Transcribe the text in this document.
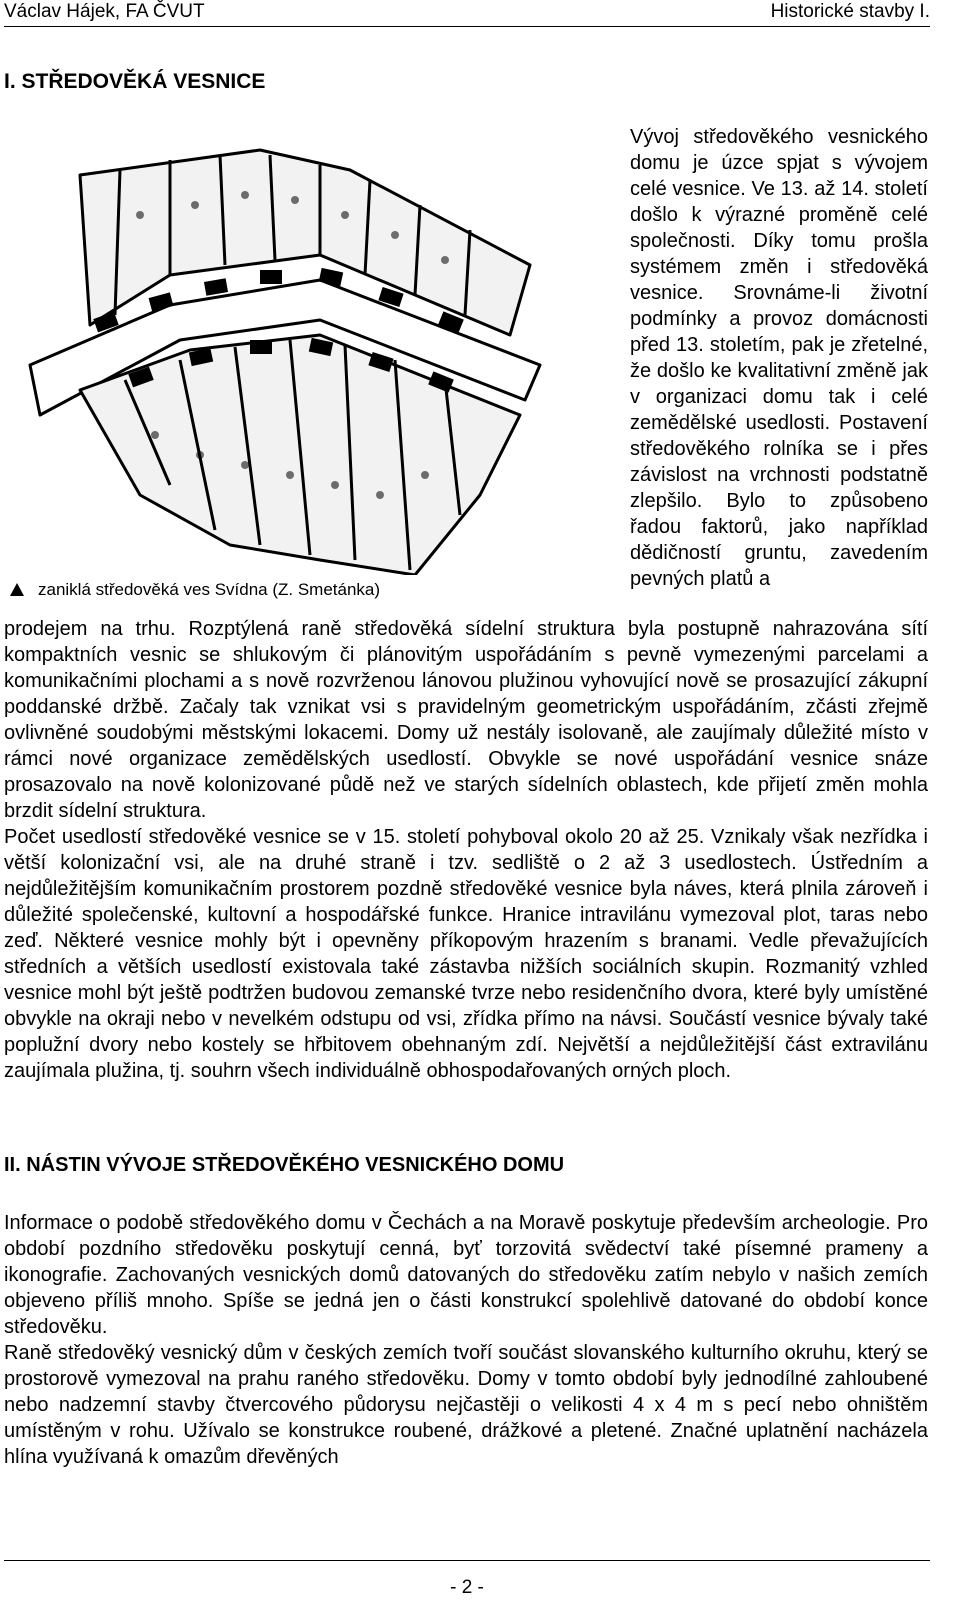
Václav Hájek, FA ČVUT	Historické stavby I.
I. STŘEDOVĚKÁ VESNICE
zaniklá středověká ves Svídna (Z. Smetánka)

Vývoj středověkého vesnického domu je úzce spjat s vývojem celé vesnice. Ve 13. až 14. století došlo k výrazné proměně celé společnosti. Díky tomu prošla systémem změn i středověká vesnice. Srovnáme-li životní podmínky a provoz domácnosti před 13. stoletím, pak je zřetelné, že došlo ke kvalitativní změně jak v organizaci domu tak i celé zemědělské usedlosti. Postavení středověkého rolníka se i přes závislost na vrchnosti podstatně zlepšilo. Bylo to způsobeno řadou faktorů, jako například dědičností gruntu, zavedením pevných platů a

prodejem na trhu. Rozptýlená raně středověká sídelní struktura byla postupně nahrazována sítí kompaktních vesnic se shlukovým či plánovitým uspořádáním s pevně vymezenými parcelami a komunikačními plochami a s nově rozvrženou lánovou plužinou vyhovující nově se prosazující zákupní poddanské držbě. Začaly tak vznikat vsi s pravidelným geometrickým uspořádáním, zčásti zřejmě ovlivněné soudobými městskými lokacemi. Domy už nestály isolovaně, ale zaujímaly důležité místo v rámci nové organizace zemědělských usedlostí. Obvykle se nové uspořádání vesnice snáze prosazovalo na nově kolonizované půdě než ve starých sídelních oblastech, kde přijetí změn mohla brzdit sídelní struktura.

Počet usedlostí středověké vesnice se v 15. století pohyboval okolo 20 až 25. Vznikaly však nezřídka i větší kolonizační vsi, ale na druhé straně i tzv. sedliště o 2 až 3 usedlostech. Ústředním a nejdůležitějším komunikačním prostorem pozdně středověké vesnice byla náves, která plnila zároveň i důležité společenské, kultovní a hospodářské funkce. Hranice intravilánu vymezoval plot, taras nebo zeď. Některé vesnice mohly být i opevněny příkopovým hrazením s branami. Vedle převažujících středních a větších usedlostí existovala také zástavba nižších sociálních skupin. Rozmanitý vzhled vesnice mohl být ještě podtržen budovou zemanské tvrze nebo residenčního dvora, které byly umístěné obvykle na okraji nebo v nevelkém odstupu od vsi, zřídka přímo na návsi. Součástí vesnice bývaly také poplužní dvory nebo kostely se hřbitovem obehnaným zdí. Největší a nejdůležitější část extravilánu zaujímala plužina, tj. souhrn všech individuálně obhospodařovaných orných ploch.

II. NÁSTIN VÝVOJE STŘEDOVĚKÉHO VESNICKÉHO DOMU

Informace o podobě středověkého domu v Čechách a na Moravě poskytuje především archeologie. Pro období pozdního středověku poskytují cenná, byť torzovitá svědectví také písemné prameny a ikonografie. Zachovaných vesnických domů datovaných do středověku zatím nebylo v našich zemích objeveno příliš mnoho. Spíše se jedná jen o části konstrukcí spolehlivě datované do období konce středověku.

Raně středověký vesnický dům v českých zemích tvoří součást slovanského kulturního okruhu, který se prostorově vymezoval na prahu raného středověku. Domy v tomto období byly jednodílné zahloubené nebo nadzemní stavby čtvercového půdorysu nejčastěji o velikosti 4 x 4 m s pecí nebo ohništěm umístěným v rohu. Užívalo se konstrukce roubené, drážkové a pletené. Značné uplatnění nacházela hlína využívaná k omazům dřevěných

- 2 -
